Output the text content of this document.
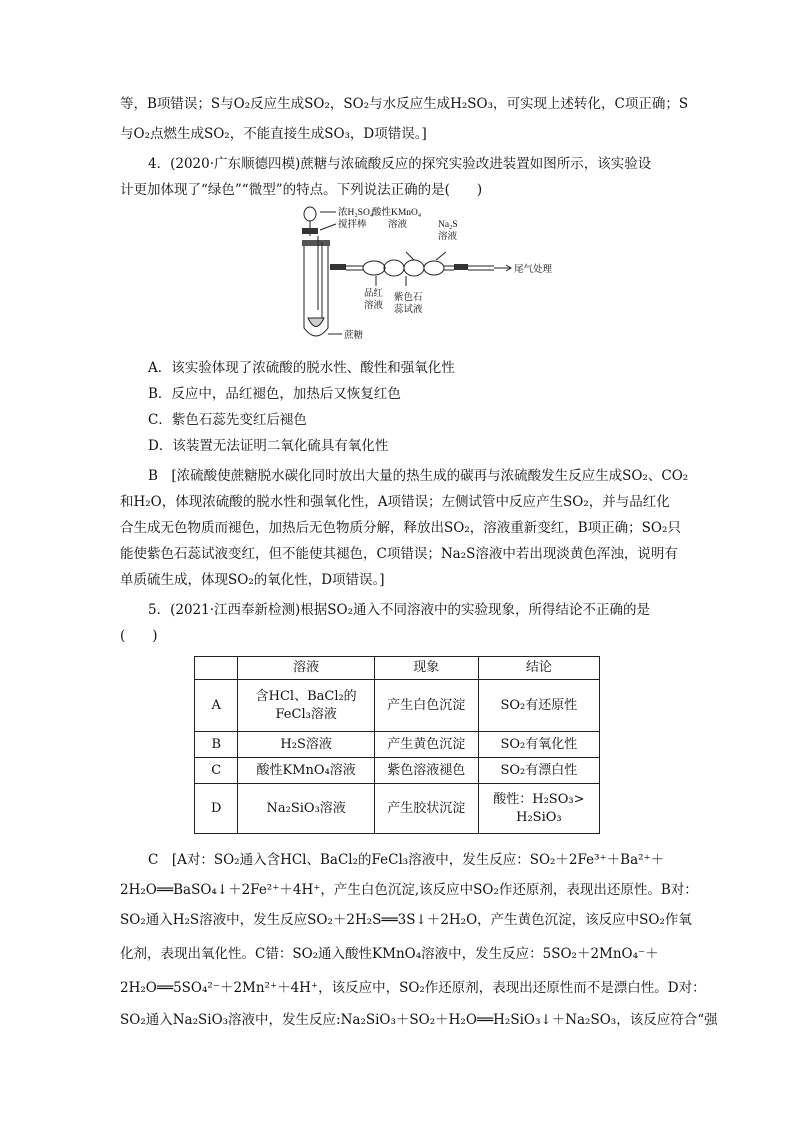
等，B项错误；S与O₂反应生成SO₂，SO₂与水反应生成H₂SO₃，可实现上述转化，C项正确；S
与O₂点燃生成SO₂，不能直接生成SO₃，D项错误。]
4．(2020·广东顺德四模)蔗糖与浓硫酸反应的探究实验改进装置如图所示，该实验设
计更加体现了“绿色”“微型”的特点。下列说法正确的是(　　)
浓H₂SO₄
搅拌棒
酸性KMnO₄
溶液	Na₂S
溶液
尾气处理
品红
溶液
紫色石
蕊试液
蔗糖
A．该实验体现了浓硫酸的脱水性、酸性和强氧化性
B．反应中，品红褪色，加热后又恢复红色
C．紫色石蕊先变红后褪色
D．该装置无法证明二氧化硫具有氧化性
B　[浓硫酸使蔗糖脱水碳化同时放出大量的热生成的碳再与浓硫酸发生反应生成SO₂、CO₂
和H₂O，体现浓硫酸的脱水性和强氧化性，A项错误；左侧试管中反应产生SO₂，并与品红化
合生成无色物质而褪色，加热后无色物质分解，释放出SO₂，溶液重新变红，B项正确；SO₂只
能使紫色石蕊试液变红，但不能使其褪色，C项错误；Na₂S溶液中若出现淡黄色浑浊，说明有
单质硫生成，体现SO₂的氧化性，D项错误。]
5．(2021·江西奉新检测)根据SO₂通入不同溶液中的实验现象，所得结论不正确的是
(　　)
	溶液	现象	结论
A	含HCl、BaCl₂的
FeCl₃溶液	产生白色沉淀	SO₂有还原性
B	H₂S溶液	产生黄色沉淀	SO₂有氧化性
C	酸性KMnO₄溶液	紫色溶液褪色	SO₂有漂白性
D	Na₂SiO₃溶液	产生胶状沉淀	酸性：H₂SO₃>
H₂SiO₃
C　[A对：SO₂通入含HCl、BaCl₂的FeCl₃溶液中，发生反应：SO₂＋2Fe³⁺＋Ba²⁺＋
2H₂O══BaSO₄↓＋2Fe²⁺＋4H⁺，产生白色沉淀,该反应中SO₂作还原剂，表现出还原性。B对：
SO₂通入H₂S溶液中，发生反应SO₂＋2H₂S══3S↓＋2H₂O，产生黄色沉淀，该反应中SO₂作氧
化剂，表现出氧化性。C错：SO₂通入酸性KMnO₄溶液中，发生反应：5SO₂＋2MnO₄⁻＋
2H₂O══5SO₄²⁻＋2Mn²⁺＋4H⁺，该反应中，SO₂作还原剂，表现出还原性而不是漂白性。D对：
SO₂通入Na₂SiO₃溶液中，发生反应:Na₂SiO₃＋SO₂＋H₂O══H₂SiO₃↓＋Na₂SO₃，该反应符合“强
